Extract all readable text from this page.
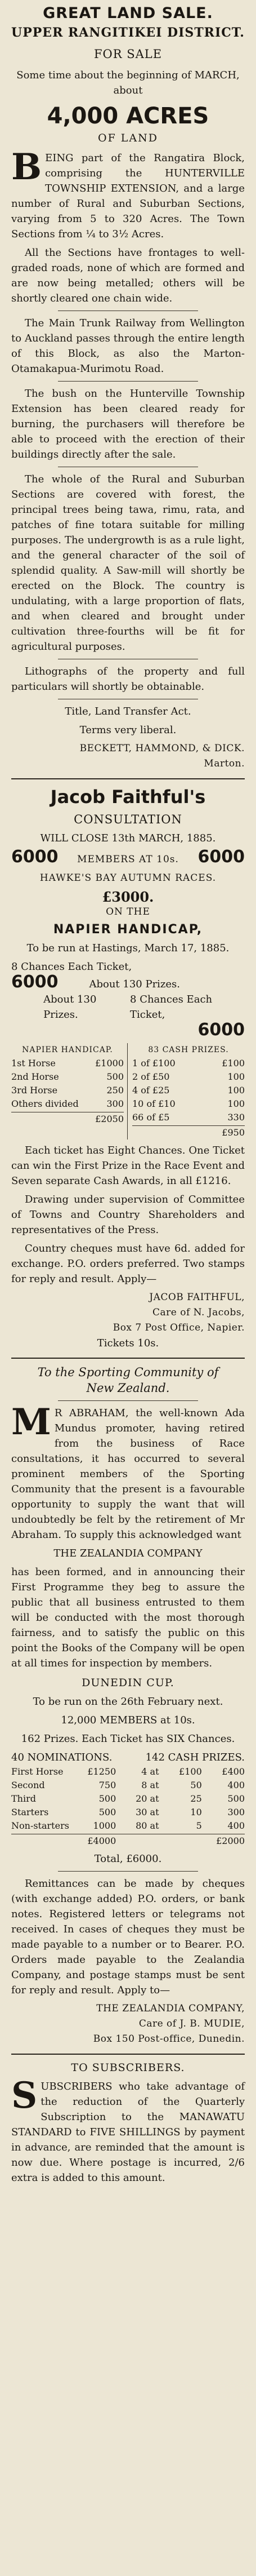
GREAT LAND SALE.
UPPER RANGITIKEI DISTRICT.
FOR SALE

Some time about the beginning of MARCH, about

4,000 ACRES
OF LAND

BEING part of the Rangatira Block, comprising the HUNTERVILLE TOWNSHIP EXTENSION, and a large number of Rural and Suburban Sections, varying from 5 to 320 Acres. The Town Sections from ¼ to 3½ Acres.

All the Sections have frontages to well-graded roads, none of which are formed and are now being metalled; others will be shortly cleared one chain wide.

The Main Trunk Railway from Wellington to Auckland passes through the entire length of this Block, as also the Marton-Otamakapua-Murimotu Road.

The bush on the Hunterville Township Extension has been cleared ready for burning, the purchasers will therefore be able to proceed with the erection of their buildings directly after the sale.

The whole of the Rural and Suburban Sections are covered with forest, the principal trees being tawa, rimu, rata, and patches of fine totara suitable for milling purposes. The undergrowth is as a rule light, and the general character of the soil of splendid quality. A Saw-mill will shortly be erected on the Block. The country is undulating, with a large proportion of flats, and when cleared and brought under cultivation three-fourths will be fit for agricultural purposes.

Lithographs of the property and full particulars will shortly be obtainable.

Title, Land Transfer Act.

Terms very liberal.

BECKETT, HAMMOND, & DICK.
Marton.
Jacob Faithful's
CONSULTATION

WILL CLOSE 13th MARCH, 1885.

6000 MEMBERS AT 10s. 6000

HAWKE'S BAY AUTUMN RACES.

£3000.
ON THE
NAPIER HANDICAP,

To be run at Hastings, March 17, 1885.

8 Chances Each Ticket,
6000	About 130 Prizes.
About 130 Prizes.
8 Chances Each Ticket,
6000
NAPIER HANDICAP.
1st Horse	£1000
2nd Horse	500
3rd Horse	250
Others divided	300
£2050
83 CASH PRIZES.
1 of £100	£100
2 of £50	100
4 of £25	100
10 of £10	100
66 of £5	330
£950

Each ticket has Eight Chances. One Ticket can win the First Prize in the Race Event and Seven separate Cash Awards, in all £1216.

Drawing under supervision of Committee of Towns and Country Shareholders and representatives of the Press.

Country cheques must have 6d. added for exchange. P.O. orders preferred. Two stamps for reply and result. Apply—

JACOB FAITHFUL,
Care of N. Jacobs,
Box 7 Post Office, Napier.
Tickets 10s.
To the Sporting Community of
New Zealand.

M R ABRAHAM, the well-known Ada Mundus promoter, having retired from the business of Race consultations, it has occurred to several prominent members of the Sporting Community that the present is a favourable opportunity to supply the want that will undoubtedly be felt by the retirement of Mr Abraham. To supply this acknowledged want

THE ZEALANDIA COMPANY

has been formed, and in announcing their First Programme they beg to assure the public that all business entrusted to them will be conducted with the most thorough fairness, and to satisfy the public on this point the Books of the Company will be open at all times for inspection by members.

DUNEDIN CUP.

To be run on the 26th February next.

12,000 MEMBERS at 10s.

162 Prizes. Each Ticket has SIX Chances.

40 NOMINATIONS.	142 CASH PRIZES.
First Horse	£1250	4 at	£100	£400
Second	750	8 at	50	400
Third	500	20 at	25	500
Starters	500	30 at	10	300
Non-starters	1000	80 at	5	400
£4000	£2000

Total, £6000.

Remittances can be made by cheques (with exchange added) P.O. orders, or bank notes. Registered letters or telegrams not received. In cases of cheques they must be made payable to a number or to Bearer. P.O. Orders made payable to the Zealandia Company, and postage stamps must be sent for reply and result. Apply to—

THE ZEALANDIA COMPANY,
Care of J. B. MUDIE,
Box 150 Post-office, Dunedin.
TO SUBSCRIBERS.

SUBSCRIBERS who take advantage of the reduction of the Quarterly Subscription to the MANAWATU STANDARD to FIVE SHILLINGS by payment in advance, are reminded that the amount is now due. Where postage is incurred, 2/6 extra is added to this amount.
